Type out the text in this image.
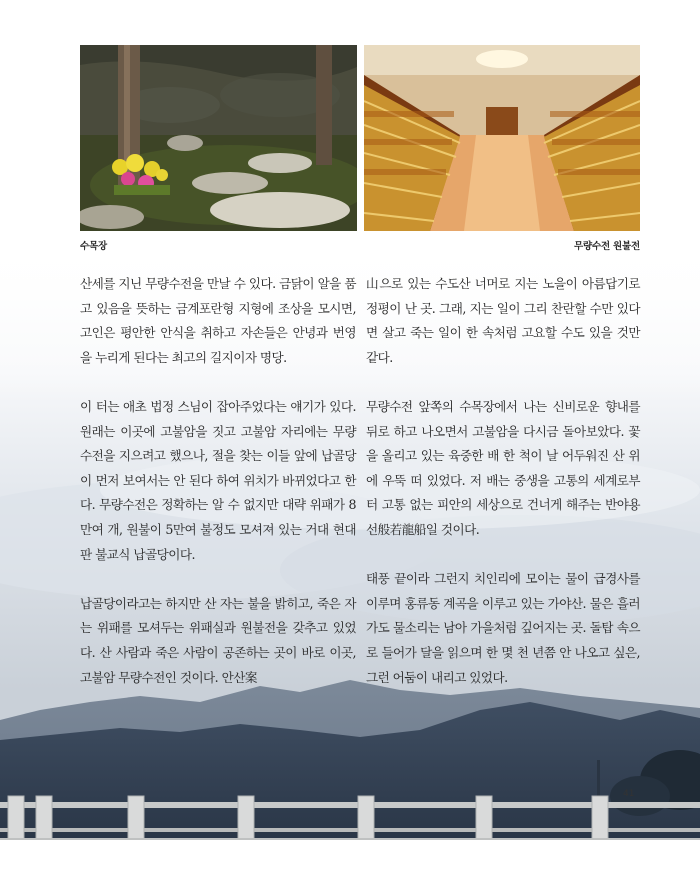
수목장	무량수전 원불전

산세를 지닌 무량수전을 만날 수 있다. 금닭이 알을 품고 있음을 뜻하는 금계포란형 지형에 조상을 모시면, 고인은 평안한 안식을 취하고 자손들은 안녕과 번영을 누리게 된다는 최고의 길지이자 명당.

이 터는 애초 법정 스님이 잡아주었다는 얘기가 있다. 원래는 이곳에 고불암을 짓고 고불암 자리에는 무량수전을 지으려고 했으나, 절을 찾는 이들 앞에 납골당이 먼저 보여서는 안 된다 하여 위치가 바뀌었다고 한다. 무량수전은 정확하는 알 수 없지만 대략 위패가 8만여 개, 원불이 5만여 불정도 모셔져 있는 거대 현대판 불교식 납골당이다.

납골당이라고는 하지만 산 자는 불을 밝히고, 죽은 자는 위패를 모셔두는 위패실과 원불전을 갖추고 있었다. 산 사람과 죽은 사람이 공존하는 곳이 바로 이곳, 고불암 무량수전인 것이다. 안산案

山으로 있는 수도산 너머로 지는 노을이 아름답기로 정평이 난 곳. 그래, 지는 일이 그리 찬란할 수만 있다면 살고 죽는 일이 한 속처럼 고요할 수도 있을 것만 같다.

무량수전 앞쪽의 수목장에서 나는 신비로운 향내를 뒤로 하고 나오면서 고불암을 다시금 돌아보았다. 꽃을 올리고 있는 육중한 배 한 척이 날 어두워진 산 위에 우뚝 떠 있었다. 저 배는 중생을 고통의 세계로부터 고통 없는 피안의 세상으로 건너게 해주는 반야용선般若龍船일 것이다.

태풍 끝이라 그런지 치인리에 모이는 물이 급경사를 이루며 홍류동 계곡을 이루고 있는 가야산. 물은 흘러가도 물소리는 남아 가을처럼 깊어지는 곳. 돌탑 속으로 들어가 달을 읽으며 한 몇 천 년쯤 안 나오고 싶은, 그런 어둠이 내리고 있었다.

41
